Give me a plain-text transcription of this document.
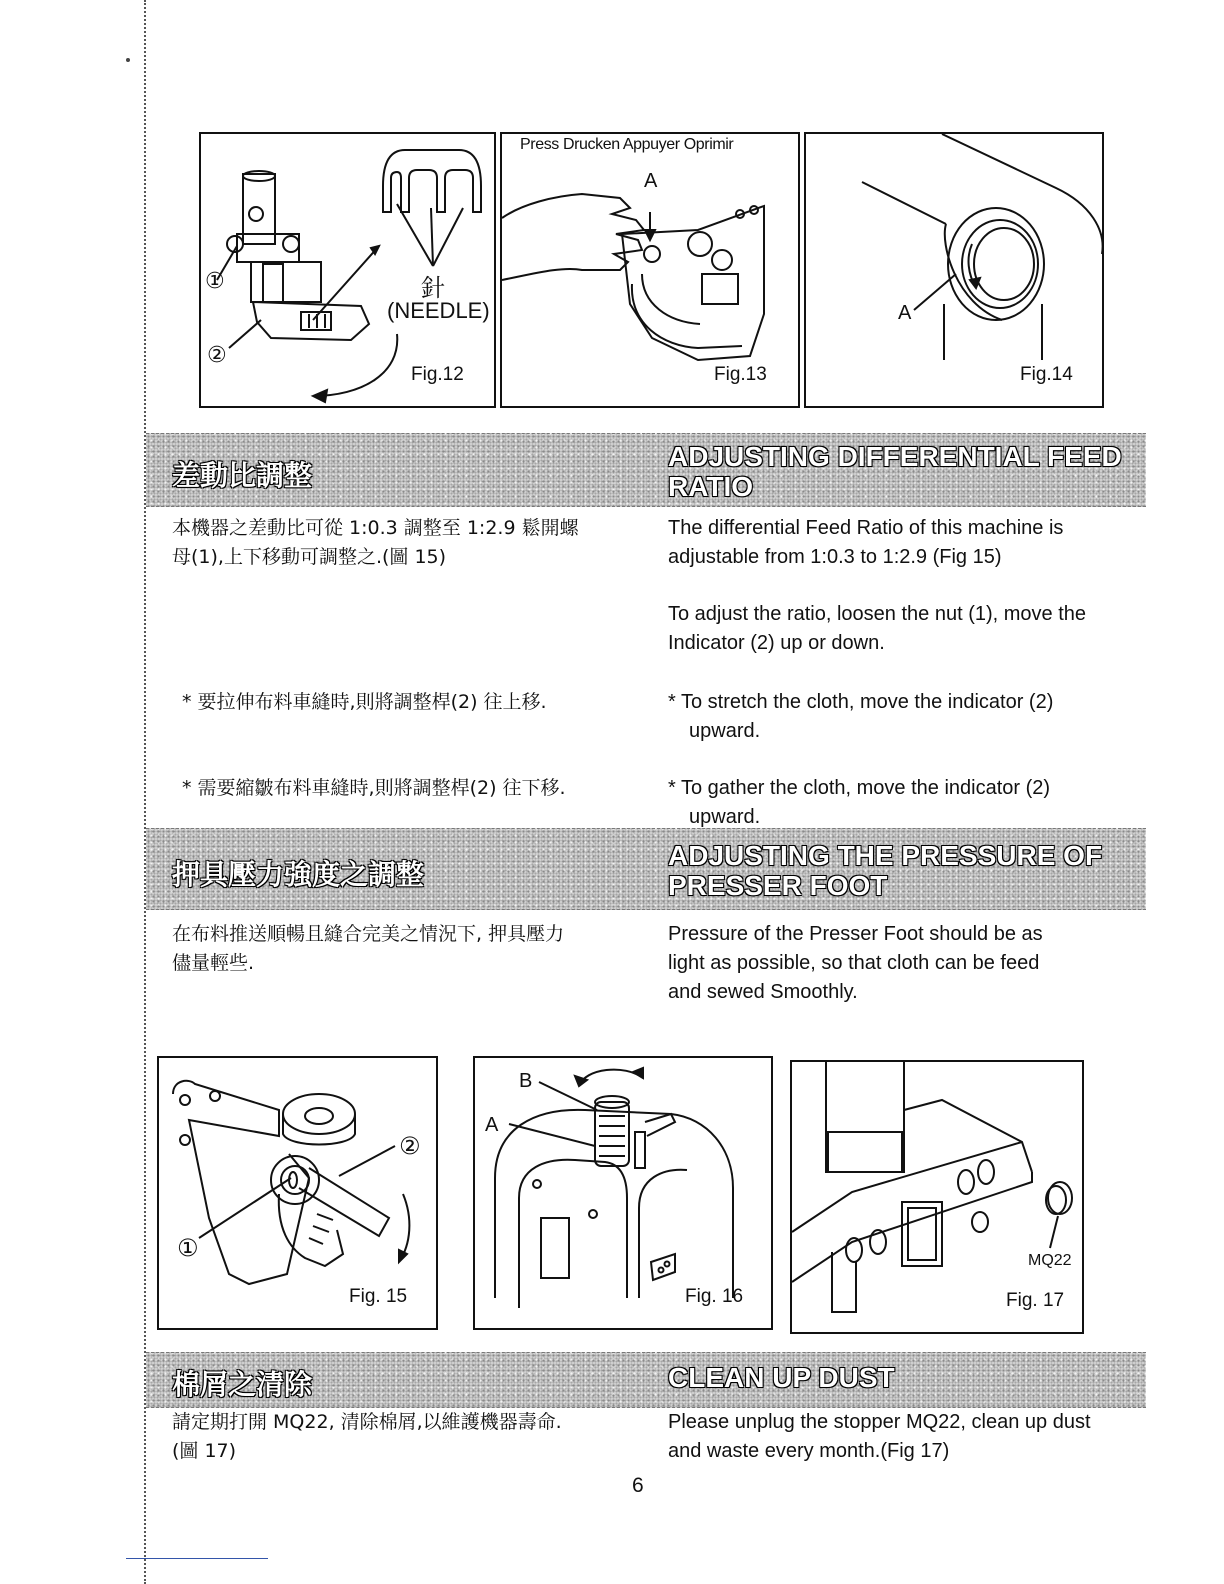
①
②
針
(NEEDLE)
Fig.12
Press Drucken Appuyer Oprimir
A
Fig.13
A
Fig.14
差動比調整
ADJUSTING DIFFERENTIAL FEED
RATIO
本機器之差動比可從 1:0.3 調整至 1:2.9 鬆開螺
母(1),上下移動可調整之.(圖 15)
The differential Feed Ratio of this machine is
adjustable from 1:0.3 to 1:2.9 (Fig 15)
To adjust the ratio, loosen the nut (1), move the
Indicator (2) up or down.
* 要拉伸布料車縫時,則將調整桿(2) 往上移.	* To stretch the cloth, move the indicator (2)
upward.
* 需要縮皺布料車縫時,則將調整桿(2) 往下移.	* To gather the cloth, move the indicator (2)
upward.
押具壓力強度之調整
ADJUSTING THE PRESSURE OF
PRESSER FOOT
在布料推送順暢且縫合完美之情況下, 押具壓力
儘量輕些.
Pressure of the Presser Foot should be as
light as possible, so that cloth can be feed
and sewed Smoothly.
①
②
Fig. 15
B
A
Fig. 16
MQ22
Fig. 17
棉屑之清除	CLEAN UP DUST
請定期打開 MQ22, 清除棉屑,以維護機器壽命.
(圖 17)
Please unplug the stopper MQ22, clean up dust
and waste every month.(Fig 17)
6
